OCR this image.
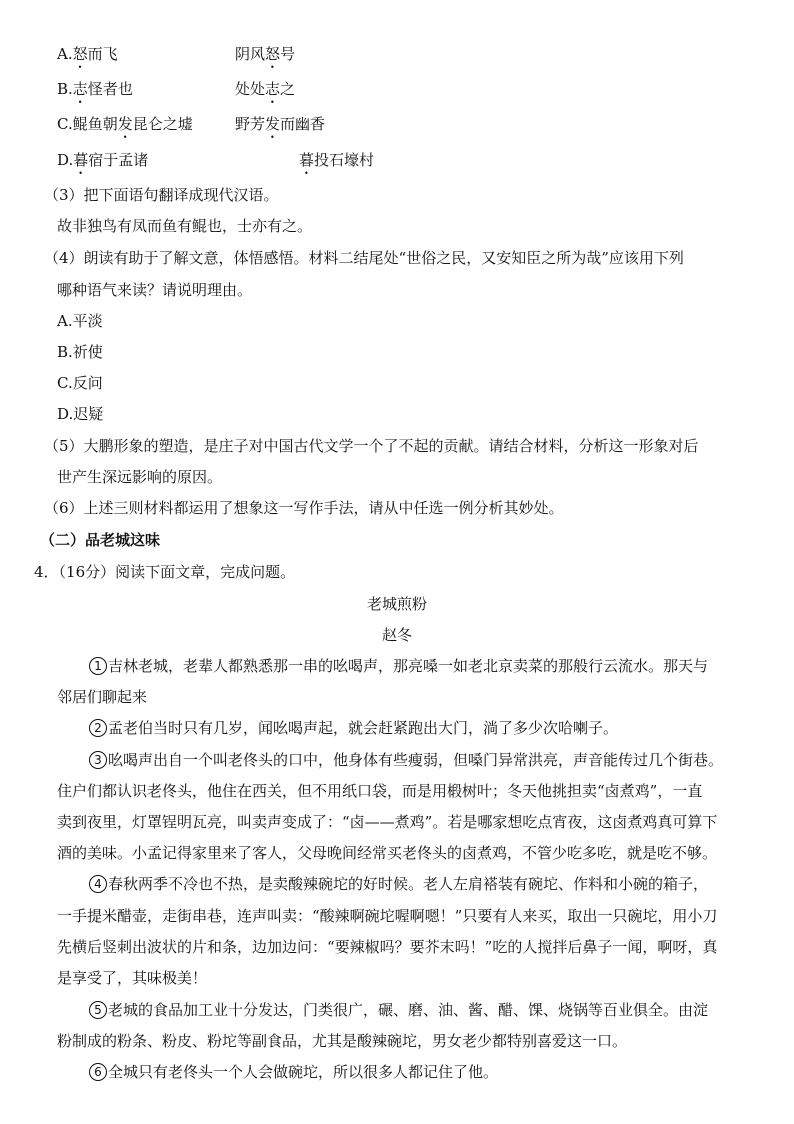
A.怒而飞	阴风怒号
B.志怪者也	处处志之
C.鲲鱼朝发昆仑之墟	野芳发而幽香
D.暮宿于孟诸	暮投石壕村
（3）把下面语句翻译成现代汉语。
故非独鸟有凤而鱼有鲲也，士亦有之。
（4）朗读有助于了解文意，体悟感悟。材料二结尾处“世俗之民，又安知臣之所为哉”应该用下列
哪种语气来读？请说明理由。
A.平淡
B.祈使
C.反问
D.迟疑
（5）大鹏形象的塑造，是庄子对中国古代文学一个了不起的贡献。请结合材料，分析这一形象对后
世产生深远影响的原因。
（6）上述三则材料都运用了想象这一写作手法，请从中任选一例分析其妙处。
（二）品老城这味
4．（16分）阅读下面文章，完成问题。
老城煎粉
赵冬
1 吉林老城，老辈人都熟悉那一串的吆喝声，那亮嗓一如老北京卖菜的那般行云流水。那天与
邻居们聊起来
2 孟老伯当时只有几岁，闻吆喝声起，就会赶紧跑出大门，淌了多少次哈喇子。
3 吆喝声出自一个叫老佟头的口中，他身体有些瘦弱，但嗓门异常洪亮，声音能传过几个街巷。
住户们都认识老佟头，他住在西关，但不用纸口袋，而是用椴树叶；冬天他挑担卖“卤煮鸡”，一直
卖到夜里，灯罩锃明瓦亮，叫卖声变成了：“卤——煮鸡”。若是哪家想吃点宵夜，这卤煮鸡真可算下
酒的美味。小孟记得家里来了客人，父母晚间经常买老佟头的卤煮鸡，不管少吃多吃，就是吃不够。
4 春秋两季不冷也不热，是卖酸辣碗坨的好时候。老人左肩褡装有碗坨、作料和小碗的箱子，
一手提米醋壶，走街串巷，连声叫卖：“酸辣啊碗坨喔啊嗯！”只要有人来买，取出一只碗坨，用小刀
先横后竖刺出波状的片和条，边加边问：“要辣椒吗？要芥末吗！”吃的人搅拌后鼻子一闻，啊呀，真
是享受了，其味极美！
5 老城的食品加工业十分发达，门类很广，碾、磨、油、酱、醋、馃、烧锅等百业俱全。由淀
粉制成的粉条、粉皮、粉坨等副食品，尤其是酸辣碗坨，男女老少都特别喜爱这一口。
6 全城只有老佟头一个人会做碗坨，所以很多人都记住了他。
